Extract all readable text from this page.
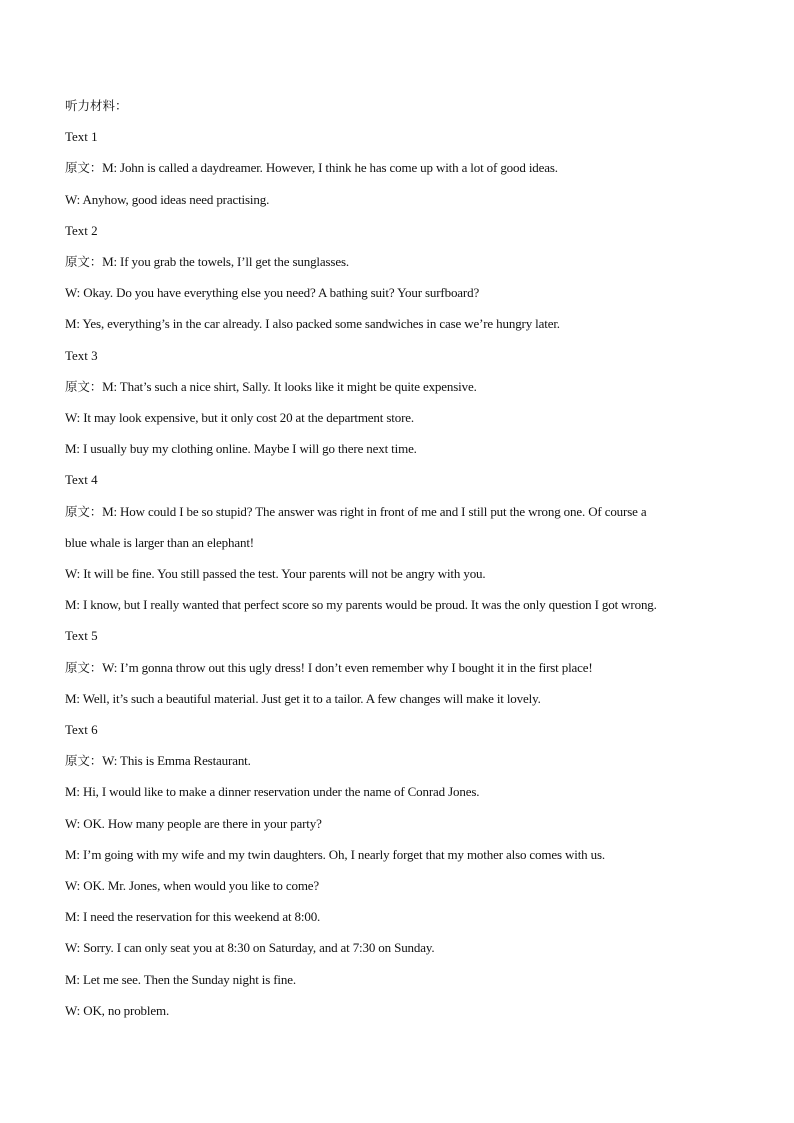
听力材料：
Text 1
原文：M: John is called a daydreamer. However, I think he has come up with a lot of good ideas.
W: Anyhow, good ideas need practising.
Text 2
原文：M: If you grab the towels, I’ll get the sunglasses.
W: Okay. Do you have everything else you need? A bathing suit? Your surfboard?
M: Yes, everything’s in the car already. I also packed some sandwiches in case we’re hungry later.
Text 3
原文：M: That’s such a nice shirt, Sally. It looks like it might be quite expensive.
W: It may look expensive, but it only cost 20 at the department store.
M: I usually buy my clothing online. Maybe I will go there next time.
Text 4
原文：M: How could I be so stupid? The answer was right in front of me and I still put the wrong one. Of course a
blue whale is larger than an elephant!
W: It will be fine. You still passed the test. Your parents will not be angry with you.
M: I know, but I really wanted that perfect score so my parents would be proud. It was the only question I got wrong.
Text 5
原文：W: I’m gonna throw out this ugly dress! I don’t even remember why I bought it in the first place!
M: Well, it’s such a beautiful material. Just get it to a tailor. A few changes will make it lovely.
Text 6
原文：W: This is Emma Restaurant.
M: Hi, I would like to make a dinner reservation under the name of Conrad Jones.
W: OK. How many people are there in your party?
M: I’m going with my wife and my twin daughters. Oh, I nearly forget that my mother also comes with us.
W: OK. Mr. Jones, when would you like to come?
M: I need the reservation for this weekend at 8:00.
W: Sorry. I can only seat you at 8:30 on Saturday, and at 7:30 on Sunday.
M: Let me see. Then the Sunday night is fine.
W: OK, no problem.
